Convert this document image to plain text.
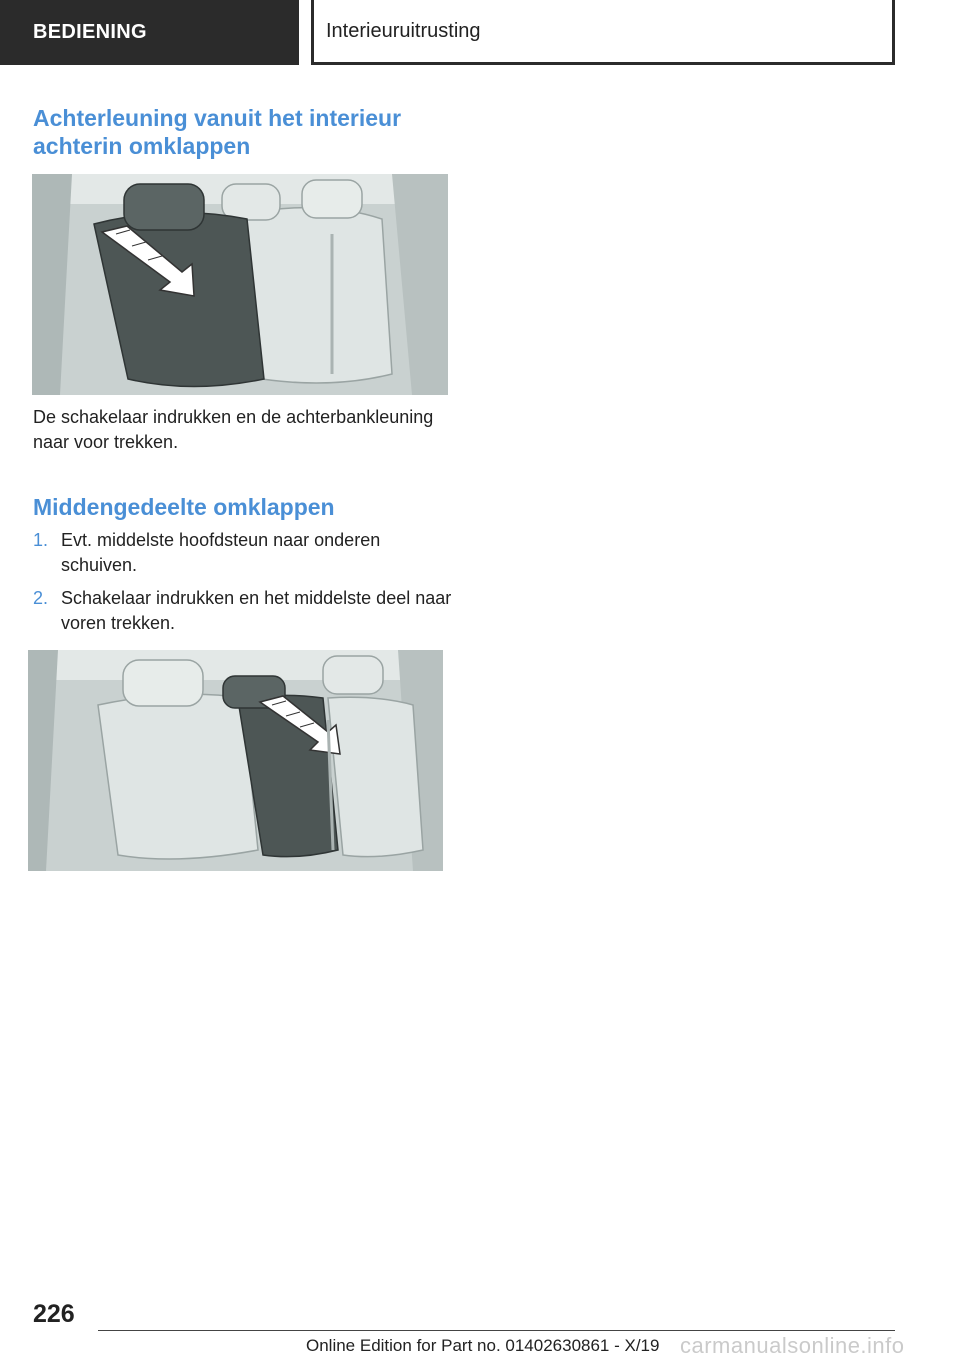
BEDIENING	Interieuruitrusting
Achterleuning vanuit het interieur achterin omklappen

De schakelaar indrukken en de achterbankleuning naar voor trekken.

Middengedeelte omklappen
1. Evt. middelste hoofdsteun naar onderen schuiven.
2. Schakelaar indrukken en het middelste deel naar voren trekken.
226
Online Edition for Part no. 01402630861 - X/19 carmanualsonline.info
